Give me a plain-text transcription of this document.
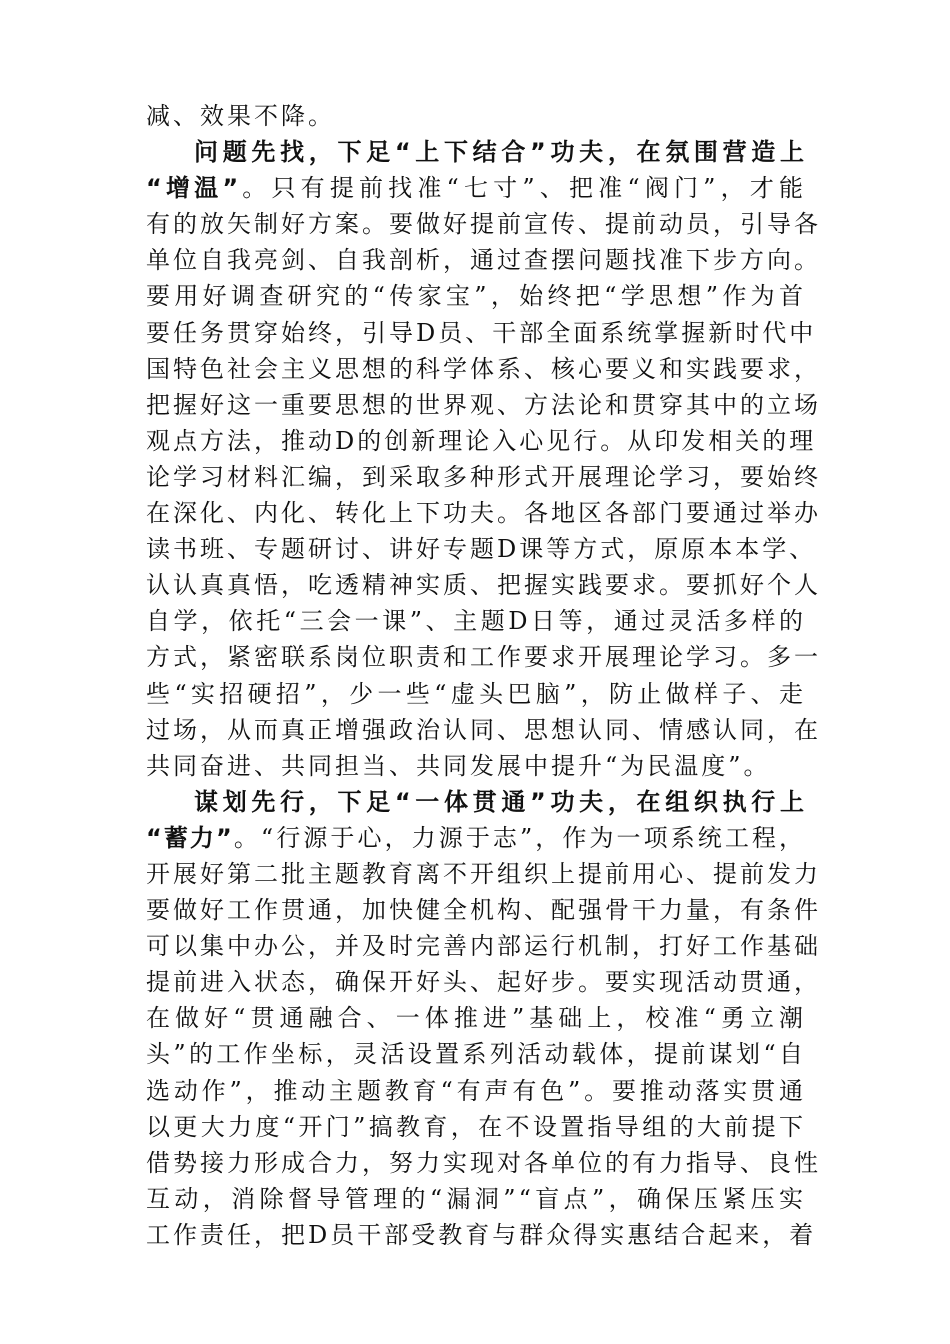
减、效果不降。
问题先找，下足“上下结合”功夫，在氛围营造上
“增温”。只有提前找准“七寸”、把准“阀门”，才能
有的放矢制好方案。要做好提前宣传、提前动员，引导各
单位自我亮剑、自我剖析，通过查摆问题找准下步方向。
要用好调查研究的“传家宝”，始终把“学思想”作为首
要任务贯穿始终，引导D员、干部全面系统掌握新时代中
国特色社会主义思想的科学体系、核心要义和实践要求，
把握好这一重要思想的世界观、方法论和贯穿其中的立场
观点方法，推动D的创新理论入心见行。从印发相关的理
论学习材料汇编，到采取多种形式开展理论学习，要始终
在深化、内化、转化上下功夫。各地区各部门要通过举办
读书班、专题研讨、讲好专题D课等方式，原原本本学、
认认真真悟，吃透精神实质、把握实践要求。要抓好个人
自学，依托“三会一课”、主题D日等，通过灵活多样的
方式，紧密联系岗位职责和工作要求开展理论学习。多一
些“实招硬招”，少一些“虚头巴脑”，防止做样子、走
过场，从而真正增强政治认同、思想认同、情感认同，在
共同奋进、共同担当、共同发展中提升“为民温度”。
谋划先行，下足“一体贯通”功夫，在组织执行上
“蓄力”。“行源于心，力源于志”，作为一项系统工程，
开展好第二批主题教育离不开组织上提前用心、提前发力
要做好工作贯通，加快健全机构、配强骨干力量，有条件
可以集中办公，并及时完善内部运行机制，打好工作基础
提前进入状态，确保开好头、起好步。要实现活动贯通，
在做好“贯通融合、一体推进”基础上，校准“勇立潮
头”的工作坐标，灵活设置系列活动载体，提前谋划“自
选动作”，推动主题教育“有声有色”。要推动落实贯通
以更大力度“开门”搞教育，在不设置指导组的大前提下
借势接力形成合力，努力实现对各单位的有力指导、良性
互动，消除督导管理的“漏洞”“盲点”，确保压紧压实
工作责任，把D员干部受教育与群众得实惠结合起来，着
